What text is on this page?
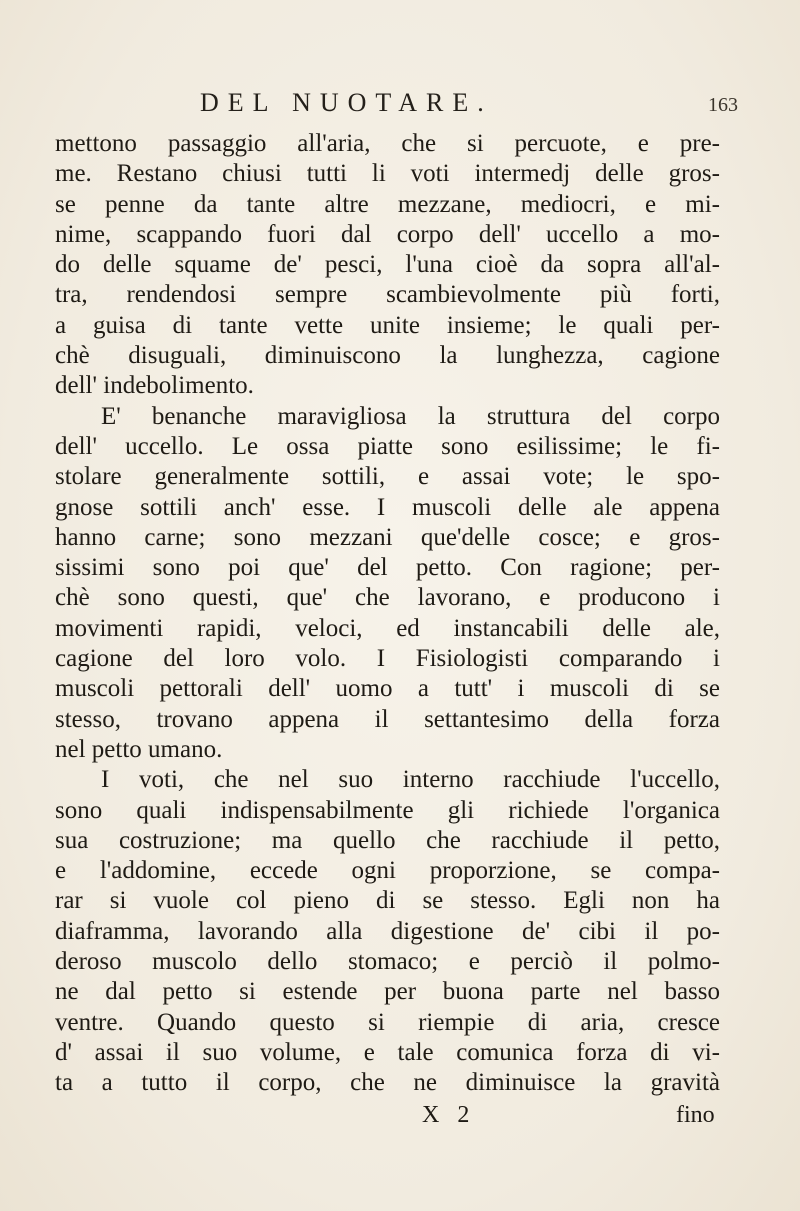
DEL NUOTARE.	163
mettono passaggio all'aria, che si percuote, e pre-
me. Restano chiusi tutti li voti intermedj delle gros-
se penne da tante altre mezzane, mediocri, e mi-
nime, scappando fuori dal corpo dell' uccello a mo-
do delle squame de' pesci, l'una cioè da sopra all'al-
tra, rendendosi sempre scambievolmente più forti,
a guisa di tante vette unite insieme; le quali per-
chè disuguali, diminuiscono la lunghezza, cagione
dell' indebolimento.
E' benanche maravigliosa la struttura del corpo
dell' uccello. Le ossa piatte sono esilissime; le fi-
stolare generalmente sottili, e assai vote; le spo-
gnose sottili anch' esse. I muscoli delle ale appena
hanno carne; sono mezzani que'delle cosce; e gros-
sissimi sono poi que' del petto. Con ragione; per-
chè sono questi, que' che lavorano, e producono i
movimenti rapidi, veloci, ed instancabili delle ale,
cagione del loro volo. I Fisiologisti comparando i
muscoli pettorali dell' uomo a tutt' i muscoli di se
stesso, trovano appena il settantesimo della forza
nel petto umano.
I voti, che nel suo interno racchiude l'uccello,
sono quali indispensabilmente gli richiede l'organica
sua costruzione; ma quello che racchiude il petto,
e l'addomine, eccede ogni proporzione, se compa-
rar si vuole col pieno di se stesso. Egli non ha
diaframma, lavorando alla digestione de' cibi il po-
deroso muscolo dello stomaco; e perciò il polmo-
ne dal petto si estende per buona parte nel basso
ventre. Quando questo si riempie di aria, cresce
d' assai il suo volume, e tale comunica forza di vi-
ta a tutto il corpo, che ne diminuisce la gravità
X 2	fino
